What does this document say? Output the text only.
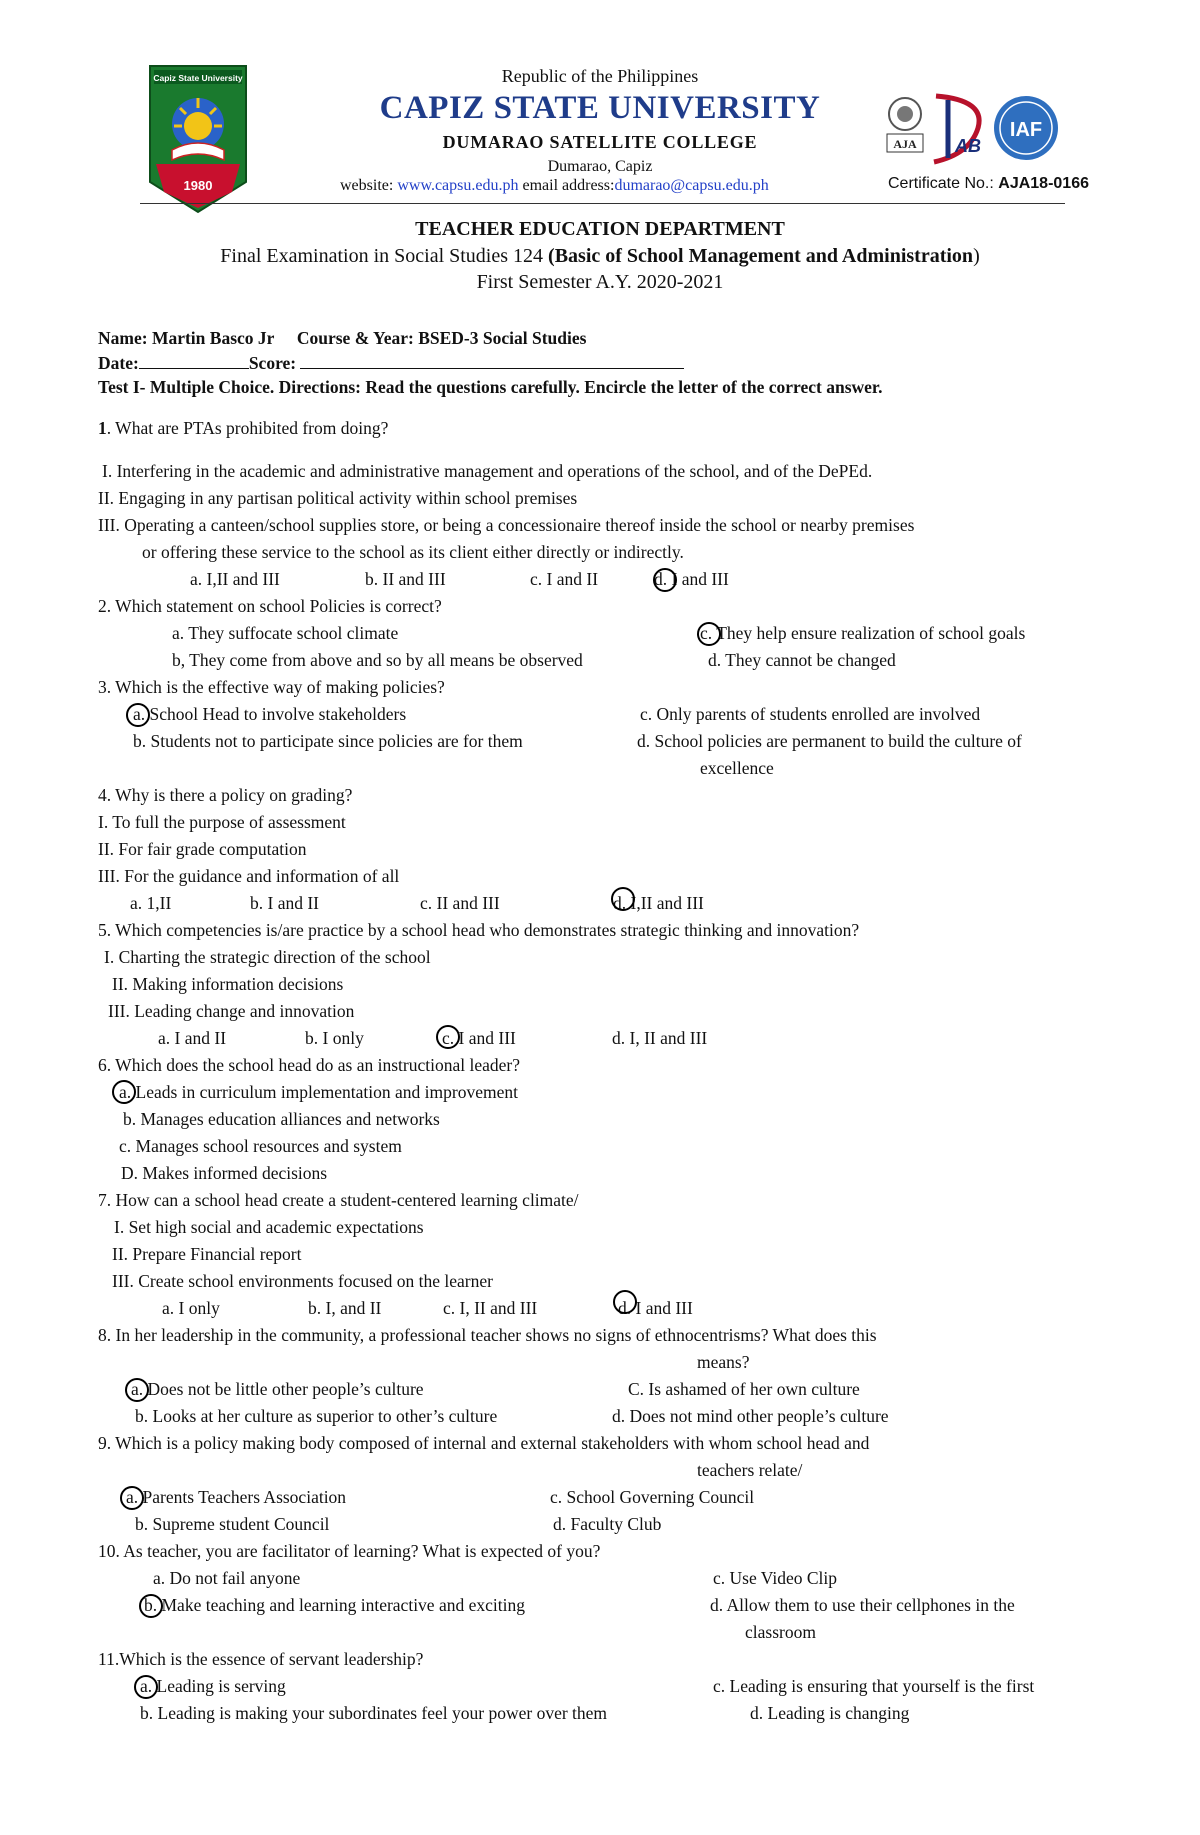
Capiz State University
1980
Republic of the Philippines
CAPIZ STATE UNIVERSITY
DUMARAO SATELLITE COLLEGE
Dumarao, Capiz
website: www.capsu.edu.ph email address:dumarao@capsu.edu.ph
AJA AB
IAF
Certificate No.: AJA18-0166
TEACHER EDUCATION DEPARTMENT
Final Examination in Social Studies 124 (Basic of School Management and Administration)
First Semester A.Y. 2020-2021
Name: Martin Basco Jr Course & Year: BSED-3 Social Studies
Date:	Score:
Test I- Multiple Choice. Directions: Read the questions carefully. Encircle the letter of the correct answer.
1. What are PTAs prohibited from doing?
I. Interfering in the academic and administrative management and operations of the school, and of the DePEd.
II. Engaging in any partisan political activity within school premises
III. Operating a canteen/school supplies store, or being a concessionaire thereof inside the school or nearby premises
or offering these service to the school as its client either directly or indirectly.
a. I,II and III	b. II and III	c. I and II	d. I and III
2. Which statement on school Policies is correct?
a. They suffocate school climate	c. They help ensure realization of school goals
b, They come from above and so by all means be observed	d. They cannot be changed
3. Which is the effective way of making policies?
a. School Head to involve stakeholders	c. Only parents of students enrolled are involved
b. Students not to participate since policies are for them	d. School policies are permanent to build the culture of
excellence
4. Why is there a policy on grading?
I. To full the purpose of assessment
II. For fair grade computation
III. For the guidance and information of all
a. 1,II	b. I and II	c. II and III	d. I,II and III
5. Which competencies is/are practice by a school head who demonstrates strategic thinking and innovation?
I. Charting the strategic direction of the school
II. Making information decisions
III. Leading change and innovation
a. I and II	b. I only	c. I and III	d. I, II and III
6. Which does the school head do as an instructional leader?
a. Leads in curriculum implementation and improvement
b. Manages education alliances and networks
c. Manages school resources and system
D. Makes informed decisions
7. How can a school head create a student-centered learning climate/
I. Set high social and academic expectations
II. Prepare Financial report
III. Create school environments focused on the learner
a. I only	b. I, and II	c. I, II and III	d. I and III
8. In her leadership in the community, a professional teacher shows no signs of ethnocentrisms? What does this
means?
a. Does not be little other people’s culture	C. Is ashamed of her own culture
b. Looks at her culture as superior to other’s culture	d. Does not mind other people’s culture
9. Which is a policy making body composed of internal and external stakeholders with whom school head and
teachers relate/
a. Parents Teachers Association	c. School Governing Council
b. Supreme student Council	d. Faculty Club
10. As teacher, you are facilitator of learning? What is expected of you?
a. Do not fail anyone	c. Use Video Clip
b. Make teaching and learning interactive and exciting	d. Allow them to use their cellphones in the
classroom
11.Which is the essence of servant leadership?
a. Leading is serving	c. Leading is ensuring that yourself is the first
b. Leading is making your subordinates feel your power over them	d. Leading is changing
